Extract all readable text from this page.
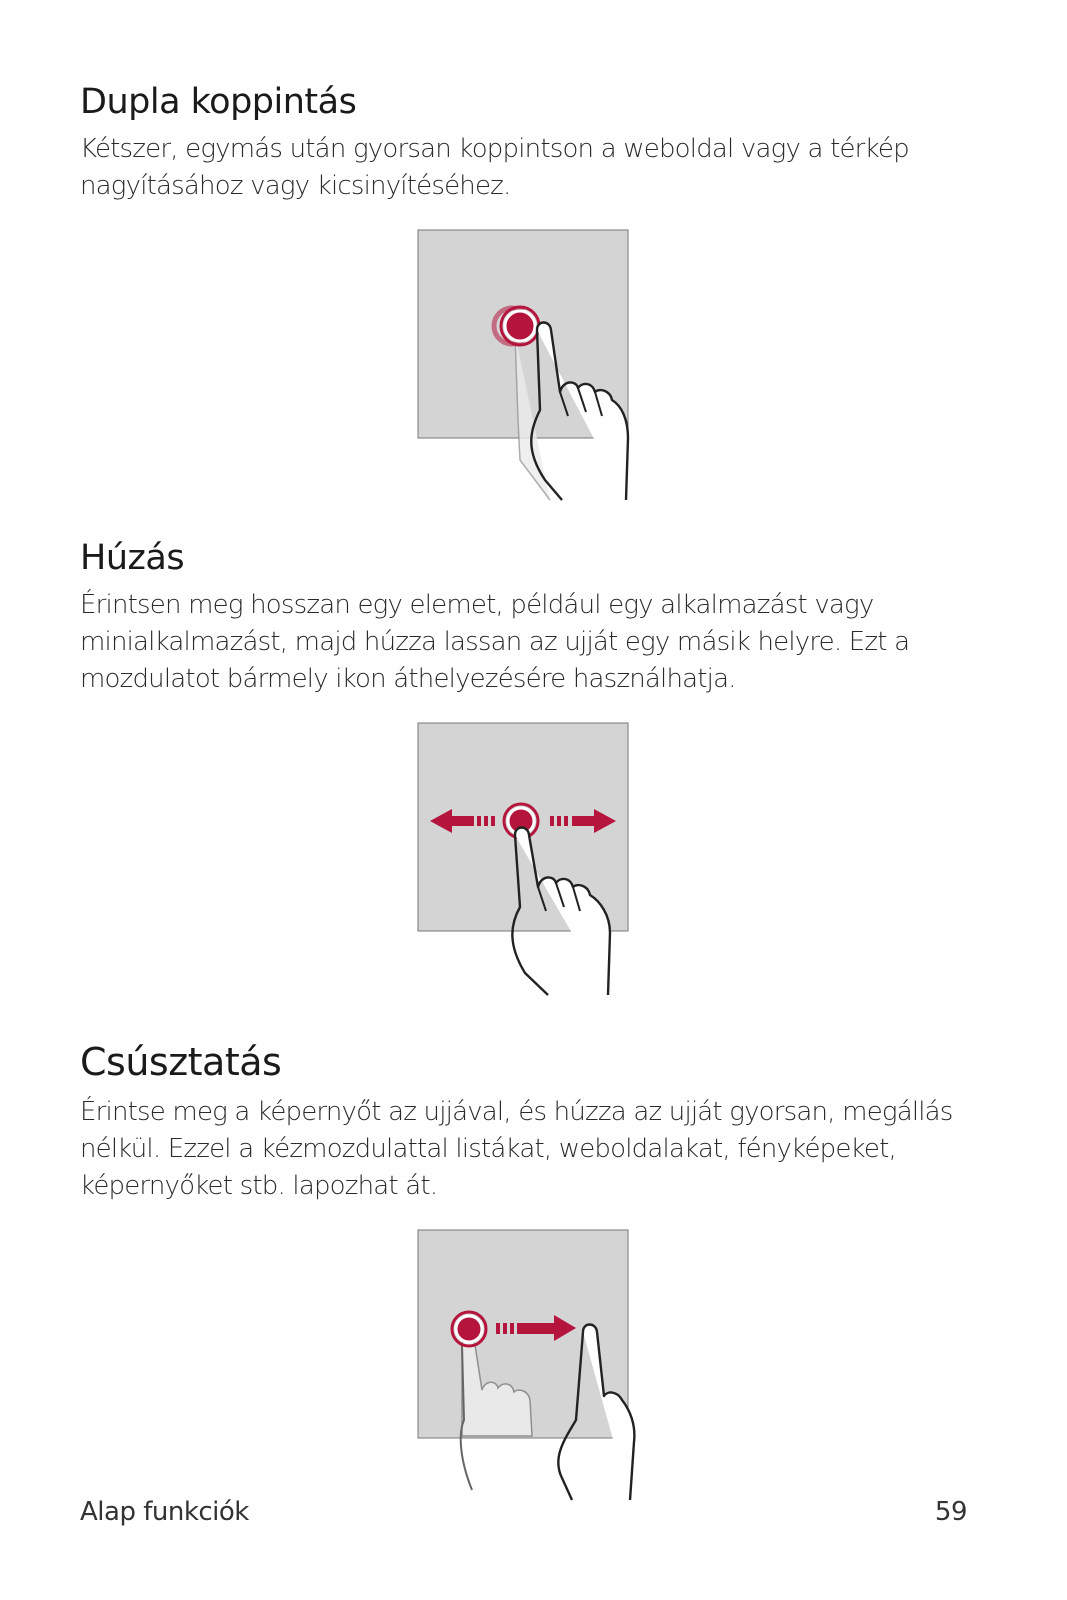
Dupla koppintás

Kétszer, egymás után gyorsan koppintson a weboldal vagy a térkép
nagyításához vagy kicsinyítéséhez.

Húzás

Érintsen meg hosszan egy elemet, például egy alkalmazást vagy
minialkalmazást, majd húzza lassan az ujját egy másik helyre. Ezt a
mozdulatot bármely ikon áthelyezésére használhatja.

Csúsztatás

Érintse meg a képernyőt az ujjával, és húzza az ujját gyorsan, megállás
nélkül. Ezzel a kézmozdulattal listákat, weboldalakat, fényképeket,
képernyőket stb. lapozhat át.

Alap funkciók	59
